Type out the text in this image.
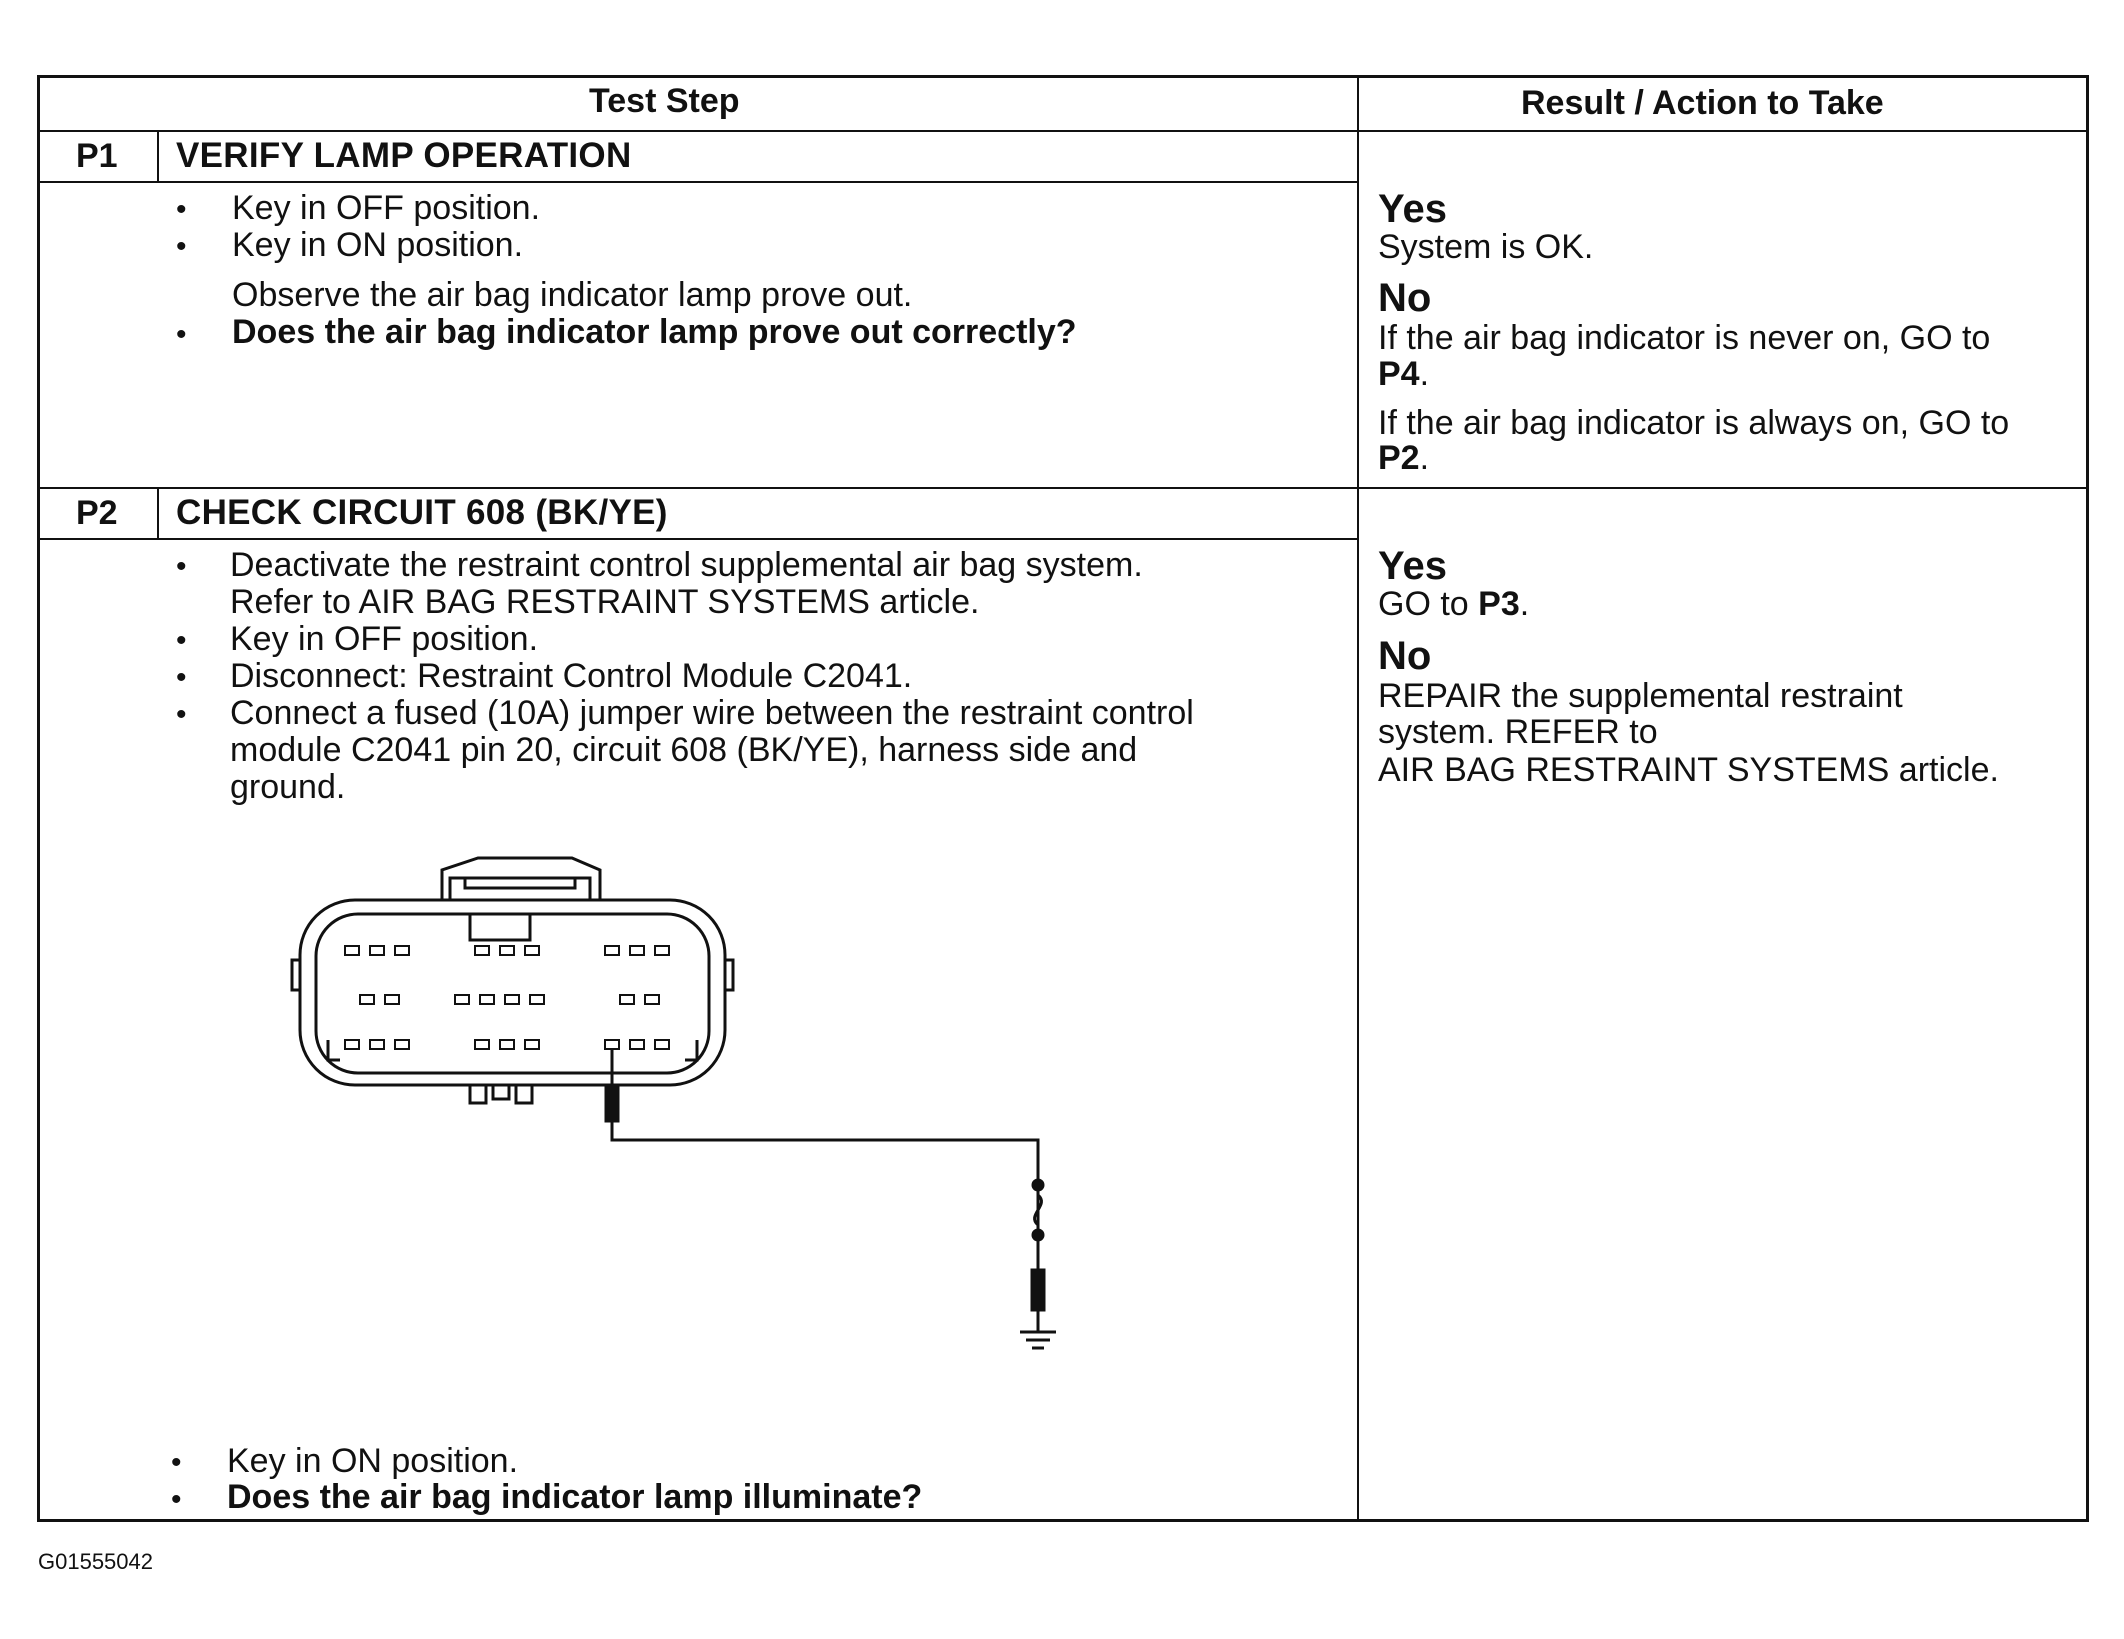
Test Step	Result / Action to Take
P1 VERIFY LAMP OPERATION
• Key in OFF position.
• Key in ON position.
Observe the air bag indicator lamp prove out.
• Does the air bag indicator lamp prove out correctly?
Yes
System is OK.
No
If the air bag indicator is never on, GO to
P4.
If the air bag indicator is always on, GO to
P2.
P2 CHECK CIRCUIT 608 (BK/YE)
• Deactivate the restraint control supplemental air bag system.
Refer to AIR BAG RESTRAINT SYSTEMS article.
• Key in OFF position.
• Disconnect: Restraint Control Module C2041.
• Connect a fused (10A) jumper wire between the restraint control
module C2041 pin 20, circuit 608 (BK/YE), harness side and
ground.
• Key in ON position.
• Does the air bag indicator lamp illuminate?
Yes
GO to P3.
No
REPAIR the supplemental restraint
system. REFER to
AIR BAG RESTRAINT SYSTEMS article.
G01555042
